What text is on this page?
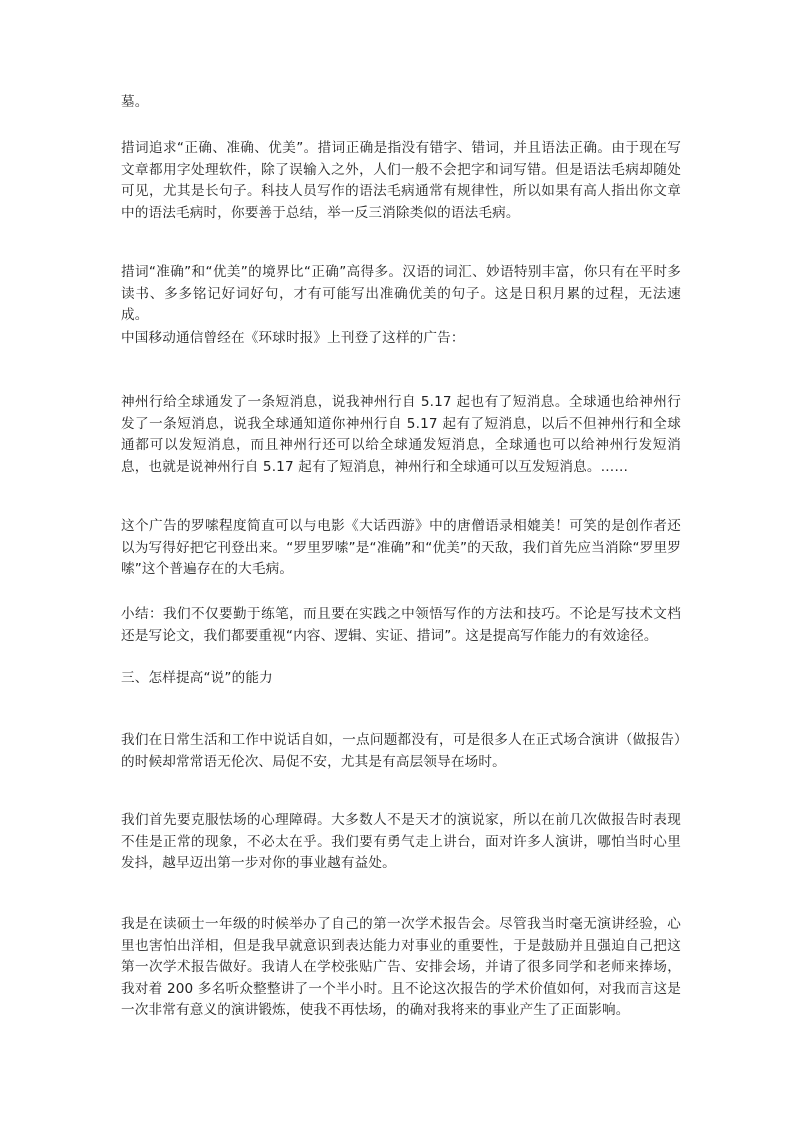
墓。

措词追求“正确、准确、优美”。措词正确是指没有错字、错词，并且语法正确。由于现在写文章都用字处理软件，除了误输入之外，人们一般不会把字和词写错。但是语法毛病却随处可见，尤其是长句子。科技人员写作的语法毛病通常有规律性，所以如果有高人指出你文章中的语法毛病时，你要善于总结，举一反三消除类似的语法毛病。

措词“准确”和“优美”的境界比“正确”高得多。汉语的词汇、妙语特别丰富，你只有在平时多读书、多多铭记好词好句，才有可能写出准确优美的句子。这是日积月累的过程，无法速成。

中国移动通信曾经在《环球时报》上刊登了这样的广告：

神州行给全球通发了一条短消息，说我神州行自 5.17 起也有了短消息。全球通也给神州行发了一条短消息，说我全球通知道你神州行自 5.17 起有了短消息，以后不但神州行和全球通都可以发短消息，而且神州行还可以给全球通发短消息，全球通也可以给神州行发短消息，也就是说神州行自 5.17 起有了短消息，神州行和全球通可以互发短消息。……

这个广告的罗嗦程度简直可以与电影《大话西游》中的唐僧语录相媲美！可笑的是创作者还以为写得好把它刊登出来。“罗里罗嗦”是“准确”和“优美”的天敌，我们首先应当消除“罗里罗嗦”这个普遍存在的大毛病。

小结：我们不仅要勤于练笔，而且要在实践之中领悟写作的方法和技巧。不论是写技术文档还是写论文，我们都要重视“内容、逻辑、实证、措词”。这是提高写作能力的有效途径。

三、怎样提高“说”的能力

我们在日常生活和工作中说话自如，一点问题都没有，可是很多人在正式场合演讲（做报告）的时候却常常语无伦次、局促不安，尤其是有高层领导在场时。

我们首先要克服怯场的心理障碍。大多数人不是天才的演说家，所以在前几次做报告时表现不佳是正常的现象，不必太在乎。我们要有勇气走上讲台，面对许多人演讲，哪怕当时心里发抖，越早迈出第一步对你的事业越有益处。

我是在读硕士一年级的时候举办了自己的第一次学术报告会。尽管我当时毫无演讲经验，心里也害怕出洋相，但是我早就意识到表达能力对事业的重要性，于是鼓励并且强迫自己把这第一次学术报告做好。我请人在学校张贴广告、安排会场，并请了很多同学和老师来捧场，我对着 200 多名听众整整讲了一个半小时。且不论这次报告的学术价值如何，对我而言这是一次非常有意义的演讲锻炼，使我不再怯场，的确对我将来的事业产生了正面影响。
